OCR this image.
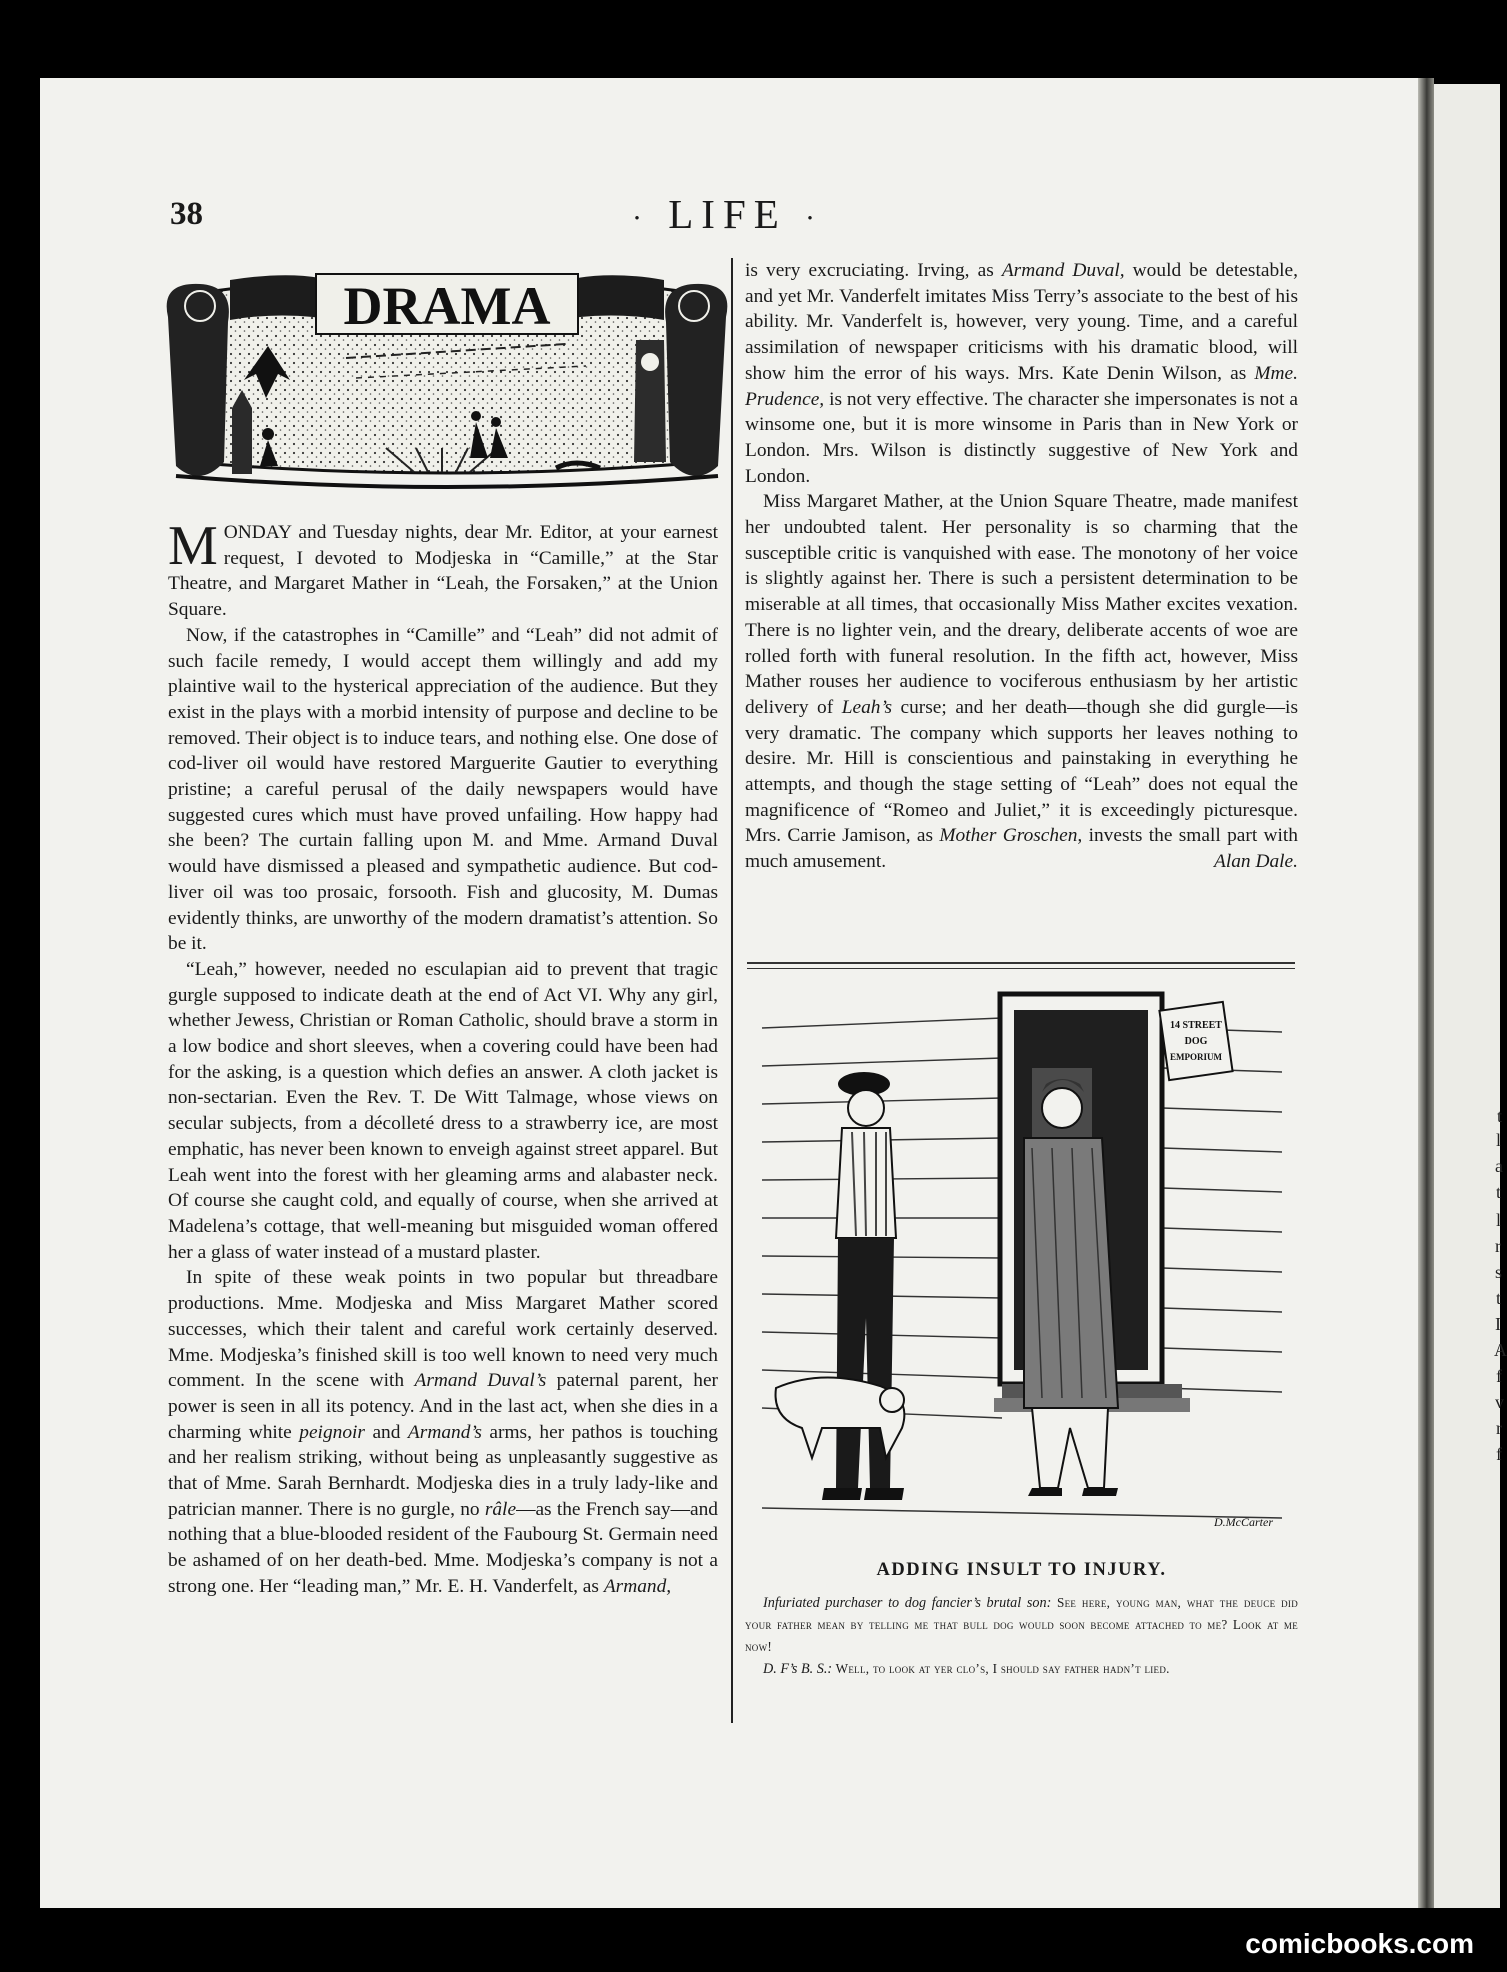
t
l
a
t
l
r
s
t
I
A
f
v
r
f
38	· LIFE ·
DRAMA

MONDAY and Tuesday nights, dear Mr. Editor, at your earnest request, I devoted to Modjeska in “Camille,” at the Star Theatre, and Margaret Mather in “Leah, the Forsaken,” at the Union Square.

Now, if the catastrophes in “Camille” and “Leah” did not admit of such facile remedy, I would accept them willingly and add my plaintive wail to the hysterical appreciation of the audience. But they exist in the plays with a morbid intensity of purpose and decline to be removed. Their object is to induce tears, and nothing else. One dose of cod-liver oil would have restored Marguerite Gautier to everything pristine; a careful perusal of the daily newspapers would have suggested cures which must have proved unfailing. How happy had she been? The curtain falling upon M. and Mme. Armand Duval would have dismissed a pleased and sympathetic audience. But cod-liver oil was too prosaic, forsooth. Fish and glucosity, M. Dumas evidently thinks, are unworthy of the modern dramatist’s attention. So be it.

“Leah,” however, needed no esculapian aid to prevent that tragic gurgle supposed to indicate death at the end of Act VI. Why any girl, whether Jewess, Christian or Roman Catholic, should brave a storm in a low bodice and short sleeves, when a covering could have been had for the asking, is a question which defies an answer. A cloth jacket is non-sectarian. Even the Rev. T. De Witt Talmage, whose views on secular subjects, from a décolleté dress to a strawberry ice, are most emphatic, has never been known to enveigh against street apparel. But Leah went into the forest with her gleaming arms and alabaster neck. Of course she caught cold, and equally of course, when she arrived at Madelena’s cottage, that well-meaning but misguided woman offered her a glass of water instead of a mustard plaster.

In spite of these weak points in two popular but threadbare productions. Mme. Modjeska and Miss Margaret Mather scored successes, which their talent and careful work certainly deserved. Mme. Modjeska’s finished skill is too well known to need very much comment. In the scene with Armand Duval’s paternal parent, her power is seen in all its potency. And in the last act, when she dies in a charming white peignoir and Armand’s arms, her pathos is touching and her realism striking, without being as unpleasantly suggestive as that of Mme. Sarah Bernhardt. Modjeska dies in a truly lady-like and patrician manner. There is no gurgle, no râle—as the French say—and nothing that a blue-blooded resident of the Faubourg St. Germain need be ashamed of on her death-bed. Mme. Modjeska’s company is not a strong one. Her “leading man,” Mr. E. H. Vanderfelt, as Armand,

is very excruciating. Irving, as Armand Duval, would be detestable, and yet Mr. Vanderfelt imitates Miss Terry’s associate to the best of his ability. Mr. Vanderfelt is, however, very young. Time, and a careful assimilation of newspaper criticisms with his dramatic blood, will show him the error of his ways. Mrs. Kate Denin Wilson, as Mme. Prudence, is not very effective. The character she impersonates is not a winsome one, but it is more winsome in Paris than in New York or London. Mrs. Wilson is distinctly suggestive of New York and London.

Miss Margaret Mather, at the Union Square Theatre, made manifest her undoubted talent. Her personality is so charming that the susceptible critic is vanquished with ease. The monotony of her voice is slightly against her. There is such a persistent determination to be miserable at all times, that occasionally Miss Mather excites vexation. There is no lighter vein, and the dreary, deliberate accents of woe are rolled forth with funeral resolution. In the fifth act, however, Miss Mather rouses her audience to vociferous enthusiasm by her artistic delivery of Leah’s curse; and her death—though she did gurgle—is very dramatic. The company which supports her leaves nothing to desire. Mr. Hill is conscientious and painstaking in everything he attempts, and though the stage setting of “Leah” does not equal the magnificence of “Romeo and Juliet,” it is exceedingly picturesque. Mrs. Carrie Jamison, as Mother Groschen, invests the small part with much amusement.	Alan Dale.

14 STREET
DOG
EMPORIUM
D.McCarter
ADDING INSULT TO INJURY.

Infuriated purchaser to dog fancier’s brutal son: See here, young man, what the deuce did your father mean by telling me that bull dog would soon become attached to me? Look at me now!

D. F’s B. S.: Well, to look at yer clo’s, I should say father hadn’t lied.

comicbooks.com
